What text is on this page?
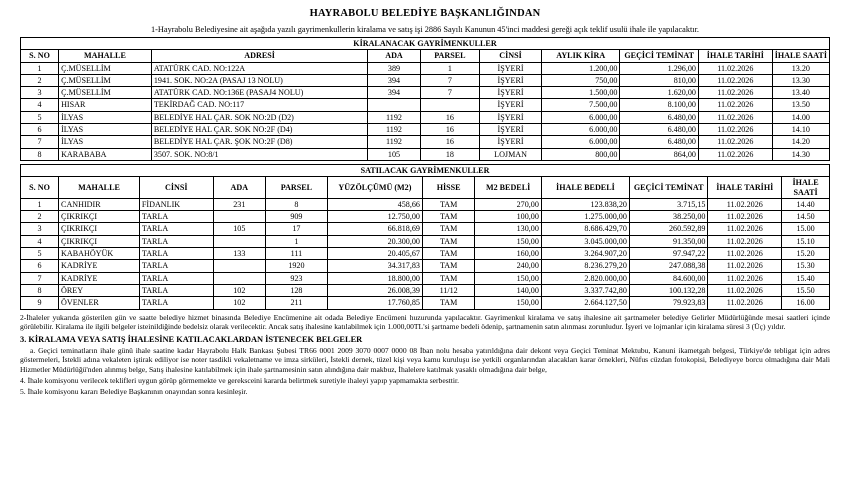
HAYRABOLU BELEDİYE BAŞKANLIĞINDAN
1-Hayrabolu Belediyesine ait aşağıda yazılı gayrimenkullerin kiralama ve satış işi 2886 Sayılı Kanunun 45'inci maddesi gereği açık teklif usulü ihale ile yapılacaktır.
KİRALANACAK GAYRİMENKULLER									
S. NO	MAHALLE	ADRESİ	ADA	PARSEL	CİNSİ	AYLIK KİRA	GEÇİCİ TEMİNAT	İHALE TARİHİ	İHALE SAATİ
1	Ç.MÜSELLİM	ATATÜRK CAD. NO:122A	389	1	İŞYERİ	1.200,00	1.296,00	11.02.2026	13.20
2	Ç.MÜSELLİM	1941. SOK. NO:2A (PASAJ 13 NOLU)	394	7	İŞYERİ	750,00	810,00	11.02.2026	13.30
3	Ç.MÜSELLİM	ATATÜRK CAD. NO:136E (PASAJ4 NOLU)	394	7	İŞYERİ	1.500,00	1.620,00	11.02.2026	13.40
4	HISAR	TEKİRDAĞ CAD. NO:117			İŞYERİ	7.500,00	8.100,00	11.02.2026	13.50
5	İLYAS	BELEDİYE HAL ÇAR. SOK NO:2D (D2)	1192	16	İŞYERİ	6.000,00	6.480,00	11.02.2026	14.00
6	İLYAS	BELEDİYE HAL ÇAR. SOK NO:2F (D4)	1192	16	İŞYERİ	6.000,00	6.480,00	11.02.2026	14.10
7	İLYAS	BELEDİYE HAL ÇAR. ŞOK NO:2F (D8)	1192	16	İŞYERİ	6.000,00	6.480,00	11.02.2026	14.20
8	KARABABA	3507. SOK. NO:8/1	105	18	LOJMAN	800,00	864,00	11.02.2026	14.30
SATILACAK GAYRİMENKULLER											
S. NO	MAHALLE	CİNSİ	ADA	PARSEL	YÜZÖLÇÜMÜ (M2)	HİSSE	M2 BEDELİ	İHALE BEDELİ	GEÇİCİ TEMİNAT	İHALE TARİHİ	İHALE SAATİ
1	CANHIDIR	FİDANLIK	231	8	458,66	TAM	270,00	123.838,20	3.715,15	11.02.2026	14.40
2	ÇIKRIKÇI	TARLA		909	12.750,00	TAM	100,00	1.275.000,00	38.250,00	11.02.2026	14.50
3	ÇIKRIKÇI	TARLA	105	17	66.818,69	TAM	130,00	8.686.429,70	260.592,89	11.02.2026	15.00
4	ÇIKRIKÇI	TARLA		1	20.300,00	TAM	150,00	3.045.000,00	91.350,00	11.02.2026	15.10
5	KABAHÖYÜK	TARLA	133	111	20.405,67	TAM	160,00	3.264.907,20	97.947,22	11.02.2026	15.20
6	KADRİYE	TARLA		1920	34.317,83	TAM	240,00	8.236.279,20	247.088,38	11.02.2026	15.30
7	KADRİYE	TARLA		923	18.800,00	TAM	150,00	2.820.000,00	84.600,00	11.02.2026	15.40
8	ÖREY	TARLA	102	128	26.008,39	11/12	140,00	3.337.742,80	100.132,28	11.02.2026	15.50
9	ÖVENLER	TARLA	102	211	17.760,85	TAM	150,00	2.664.127,50	79.923,83	11.02.2026	16.00
2-İhaleler yukarıda gösterilen gün ve saatte belediye hizmet binasında Belediye Encümenine ait odada Belediye Encümeni huzurunda yapılacaktır. Gayrimenkul kiralama ve satış ihalesine ait şartnameler belediye Gelirler Müdürlüğünde mesai saatleri içinde görülebilir. Kiralama ile ilgili belgeler isteinildiğinde bedelsiz olarak verilecektir. Ancak satış ihalesine katılabilmek için 1.000,00TL'si şartname bedeli ödenip, şartnamenin satın alınması zorunludur. İşyeri ve lojmanlar için kiralama süresi 3 (Üç) yıldır.
3. KİRALAMA VEYA SATIŞ İHALESİNE KATILACAKLARDAN İSTENECEK BELGELER
a. Geçici teminatların ihale günü ihale saatine kadar Hayrabolu Halk Bankası Şubesi TR66 0001 2009 3070 0007 0000 08 İban nolu hesaba yatırıldığına dair dekont veya Geçici Teminat Mektubu, Kanuni ikametgah belgesi, Türkiye'de tebligat için adres göstermeleri, İstekli adına vekaleten iştirak ediliyor ise noter tasdikli vekaletname ve imza sirküleri, İstekli dernek, tüzel kişi veya kamu kuruluşu ise yetkili organlarından alacakları karar örnekleri, Nüfus cüzdan fotokopisi, Belediyeye borcu olmadığına dair Mali Hizmetler Müdürlüğü'nden alınmış belge, Satış ihalesine katılabilmek için ihale şartnamesinin satın alındığına dair makbuz, İhalelere katılmak yasaklı olmadığına dair belge,
4. İhale komisyonu verilecek teklifleri uygun görüp görmemekte ve gereksceini kararda belirtmek suretiyle ihaleyi yapıp yapmamakta serbesttir.
5. İhale komisyonu kararı Belediye Başkanının onayından sonra kesinleşir.
